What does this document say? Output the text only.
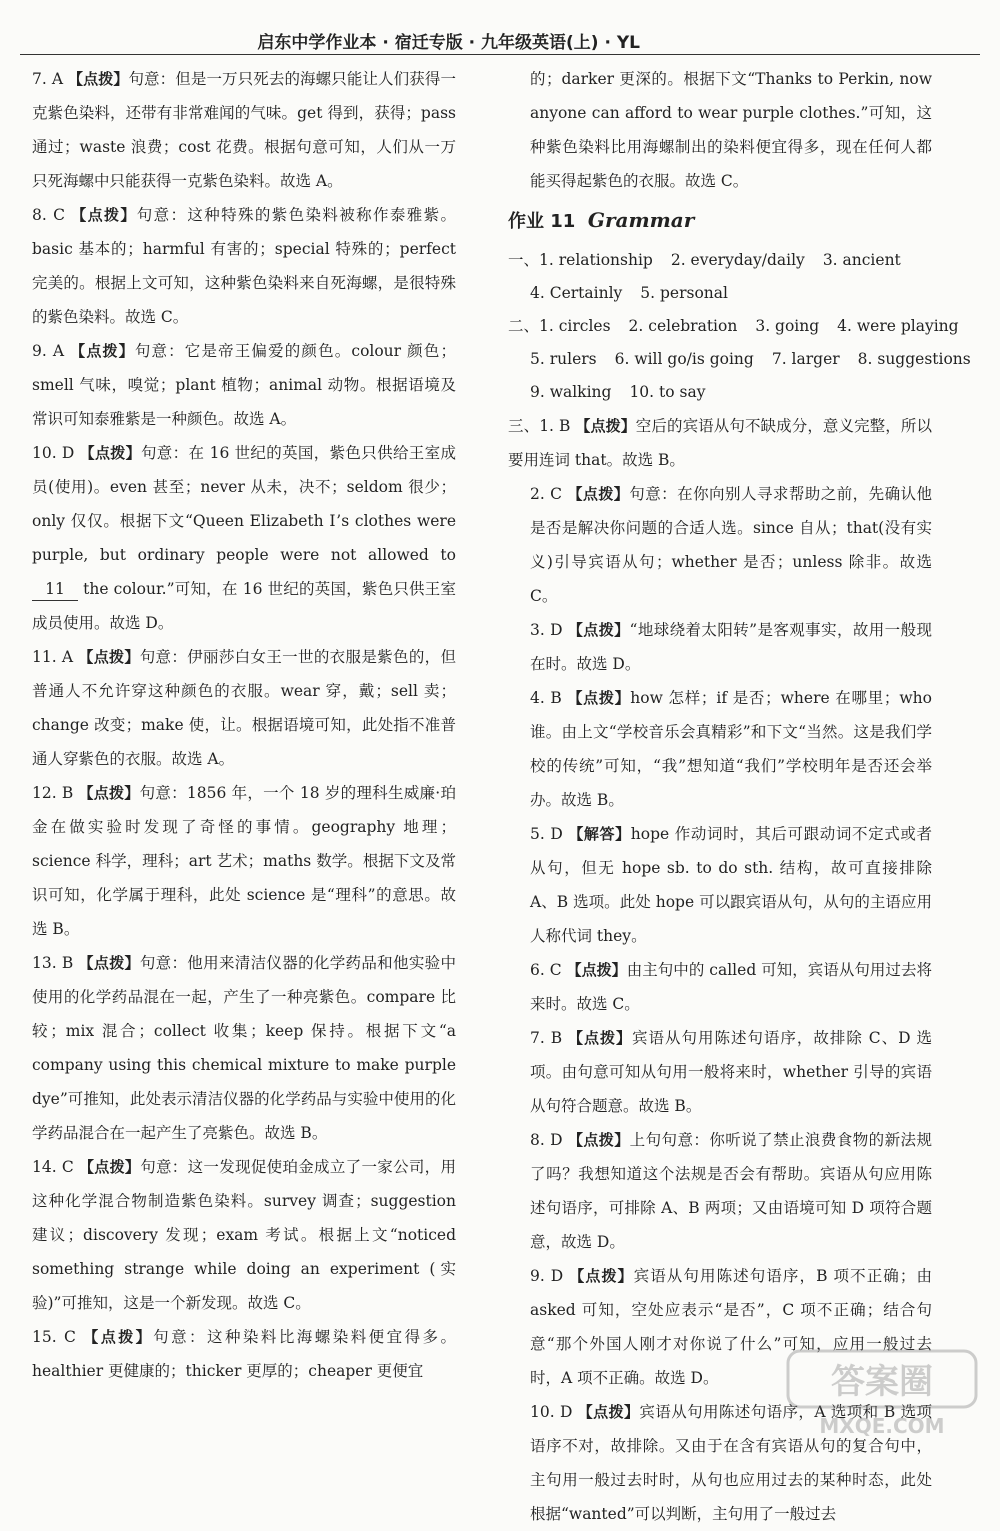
启东中学作业本 · 宿迁专版 · 九年级英语(上) · YL

7. A 【点拨】句意：但是一万只死去的海螺只能让人们获得一克紫色染料，还带有非常难闻的气味。get 得到，获得；pass 通过；waste 浪费；cost 花费。根据句意可知，人们从一万只死海螺中只能获得一克紫色染料。故选 A。

8. C 【点拨】句意：这种特殊的紫色染料被称作泰雅紫。basic 基本的；harmful 有害的；special 特殊的；perfect 完美的。根据上文可知，这种紫色染料来自死海螺，是很特殊的紫色染料。故选 C。

9. A 【点拨】句意：它是帝王偏爱的颜色。colour 颜色；smell 气味，嗅觉；plant 植物；animal 动物。根据语境及常识可知泰雅紫是一种颜色。故选 A。

10. D 【点拨】句意：在 16 世纪的英国，紫色只供给王室成员(使用)。even 甚至；never 从未，决不；seldom 很少；only 仅仅。根据下文“Queen Elizabeth Ⅰ’s clothes were purple, but ordinary people were not allowed to 11 the colour.”可知，在 16 世纪的英国，紫色只供王室成员使用。故选 D。

11. A 【点拨】句意：伊丽莎白女王一世的衣服是紫色的，但普通人不允许穿这种颜色的衣服。wear 穿，戴；sell 卖；change 改变；make 使，让。根据语境可知，此处指不准普通人穿紫色的衣服。故选 A。

12. B 【点拨】句意：1856 年，一个 18 岁的理科生威廉·珀金在做实验时发现了奇怪的事情。geography 地理；science 科学，理科；art 艺术；maths 数学。根据下文及常识可知，化学属于理科，此处 science 是“理科”的意思。故选 B。

13. B 【点拨】句意：他用来清洁仪器的化学药品和他实验中使用的化学药品混在一起，产生了一种亮紫色。compare 比较；mix 混合；collect 收集；keep 保持。根据下文“a company using this chemical mixture to make purple dye”可推知，此处表示清洁仪器的化学药品与实验中使用的化学药品混合在一起产生了亮紫色。故选 B。

14. C 【点拨】句意：这一发现促使珀金成立了一家公司，用这种化学混合物制造紫色染料。survey 调查；suggestion 建议；discovery 发现；exam 考试。根据上文“noticed something strange while doing an experiment (实验)”可推知，这是一个新发现。故选 C。

15. C 【点拨】句意：这种染料比海螺染料便宜得多。healthier 更健康的；thicker 更厚的；cheaper 更便宜

的；darker 更深的。根据下文“Thanks to Perkin, now anyone can afford to wear purple clothes.”可知，这种紫色染料比用海螺制出的染料便宜得多，现在任何人都能买得起紫色的衣服。故选 C。

作业 11 Grammar
一、1. relationship 2. everyday/daily 3. ancient
4. Certainly 5. personal
二、1. circles 2. celebration 3. going 4. were playing
5. rulers 6. will go/is going 7. larger 8. suggestions
9. walking 10. to say

三、1. B 【点拨】空后的宾语从句不缺成分，意义完整，所以要用连词 that。故选 B。

2. C 【点拨】句意：在你向别人寻求帮助之前，先确认他是否是解决你问题的合适人选。since 自从；that(没有实义)引导宾语从句；whether 是否；unless 除非。故选 C。

3. D 【点拨】“地球绕着太阳转”是客观事实，故用一般现在时。故选 D。

4. B 【点拨】how 怎样；if 是否；where 在哪里；who 谁。由上文“学校音乐会真精彩”和下文“当然。这是我们学校的传统”可知，“我”想知道“我们”学校明年是否还会举办。故选 B。

5. D 【解答】hope 作动词时，其后可跟动词不定式或者从句，但无 hope sb. to do sth. 结构，故可直接排除 A、B 选项。此处 hope 可以跟宾语从句，从句的主语应用人称代词 they。

6. C 【点拨】由主句中的 called 可知，宾语从句用过去将来时。故选 C。

7. B 【点拨】宾语从句用陈述句语序，故排除 C、D 选项。由句意可知从句用一般将来时，whether 引导的宾语从句符合题意。故选 B。

8. D 【点拨】上句句意：你听说了禁止浪费食物的新法规了吗？我想知道这个法规是否会有帮助。宾语从句应用陈述句语序，可排除 A、B 两项；又由语境可知 D 项符合题意，故选 D。

9. D 【点拨】宾语从句用陈述句语序，B 项不正确；由 asked 可知，空处应表示“是否”，C 项不正确；结合句意“那个外国人刚才对你说了什么”可知，应用一般过去时，A 项不正确。故选 D。

10. D 【点拨】宾语从句用陈述句语序，A 选项和 B 选项语序不对，故排除。又由于在含有宾语从句的复合句中，主句用一般过去时时，从句也应用过去的某种时态，此处根据“wanted”可以判断，主句用了一般过去

答案圈
MXQE.COM
